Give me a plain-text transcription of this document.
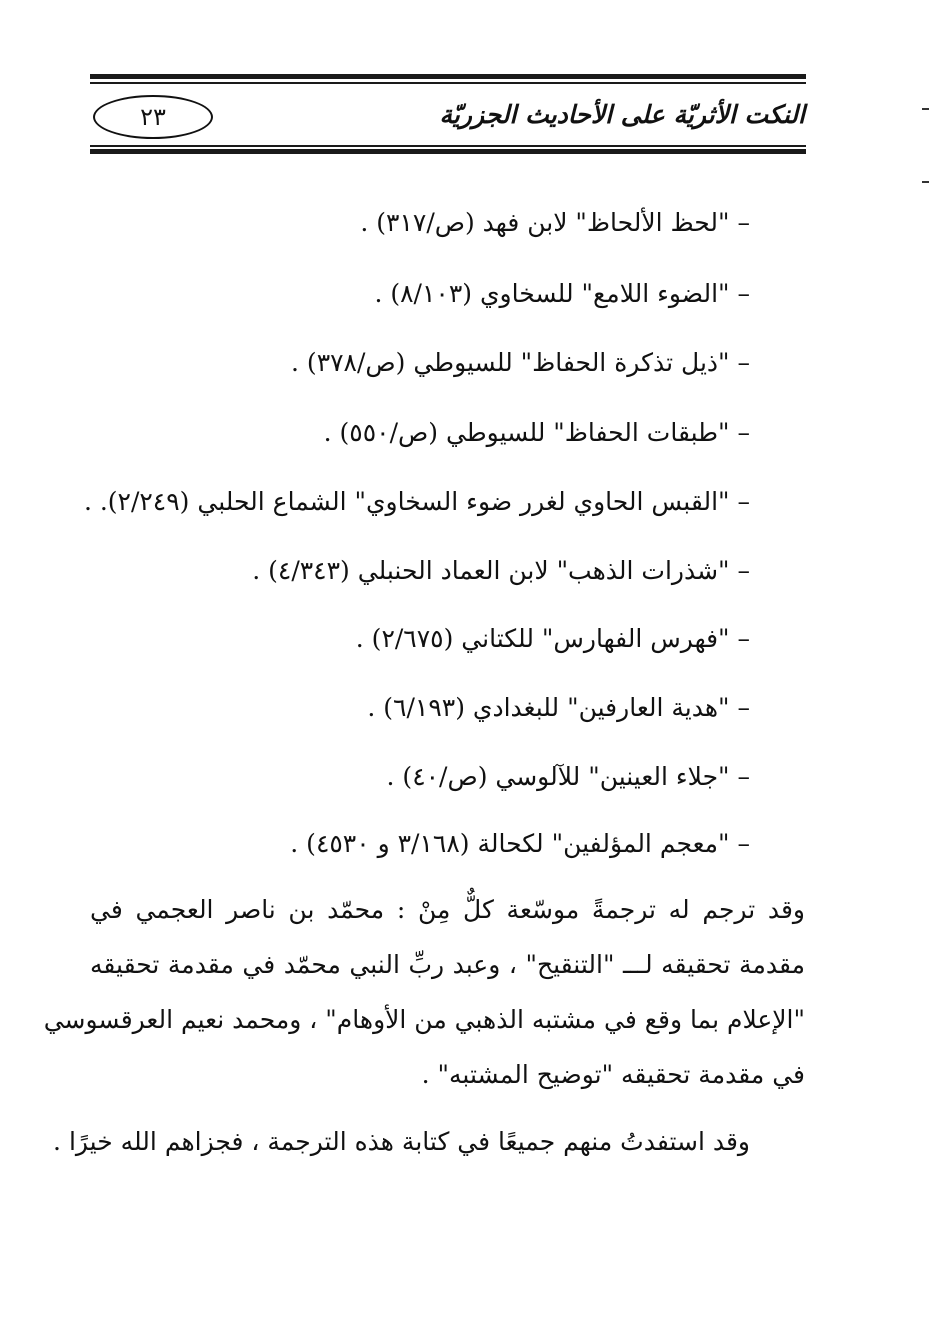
٢٣	النكت الأثريّة على الأحاديث الجزريّة
– "لحظ الألحاظ" لابن فهد (ص/٣١٧) .
– "الضوء اللامع" للسخاوي (٨/١٠٣) .
– "ذيل تذكرة الحفاظ" للسيوطي (ص/٣٧٨) .
– "طبقات الحفاظ" للسيوطي (ص/٥٥٠) .
– "القبس الحاوي لغرر ضوء السخاوي" الشماع الحلبي (٢/٢٤٩). .
– "شذرات الذهب" لابن العماد الحنبلي (٤/٣٤٣) .
– "فهرس الفهارس" للكتاني (٢/٦٧٥) .
– "هدية العارفين" للبغدادي (٦/١٩٣) .
– "جلاء العينين" للآلوسي (ص/٤٠) .
– "معجم المؤلفين" لكحالة (٣/١٦٨ و ٤٥٣٠) .
وقد ترجم له ترجمةً موسّعة كلٌّ مِنْ : محمّد بن ناصر العجمي في
مقدمة تحقيقه لـــ "التنقيح" ، وعبد ربِّ النبي محمّد في مقدمة تحقيقه
"الإعلام بما وقع في مشتبه الذهبي من الأوهام" ، ومحمد نعيم العرقسوسي
في مقدمة تحقيقه "توضيح المشتبه" .
وقد استفدتُ منهم جميعًا في كتابة هذه الترجمة ، فجزاهم الله خيرًا .
